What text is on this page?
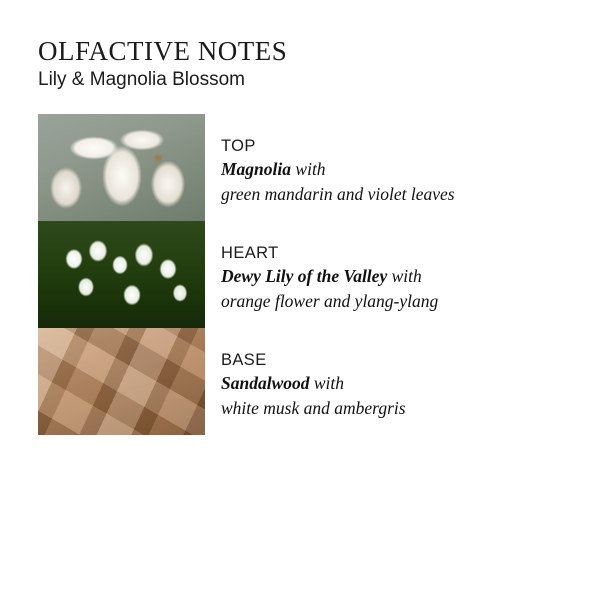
OLFACTIVE NOTES
Lily & Magnolia Blossom
TOP
Magnolia with
green mandarin and violet leaves
HEART
Dewy Lily of the Valley with
orange flower and ylang-ylang
BASE
Sandalwood with
white musk and ambergris
